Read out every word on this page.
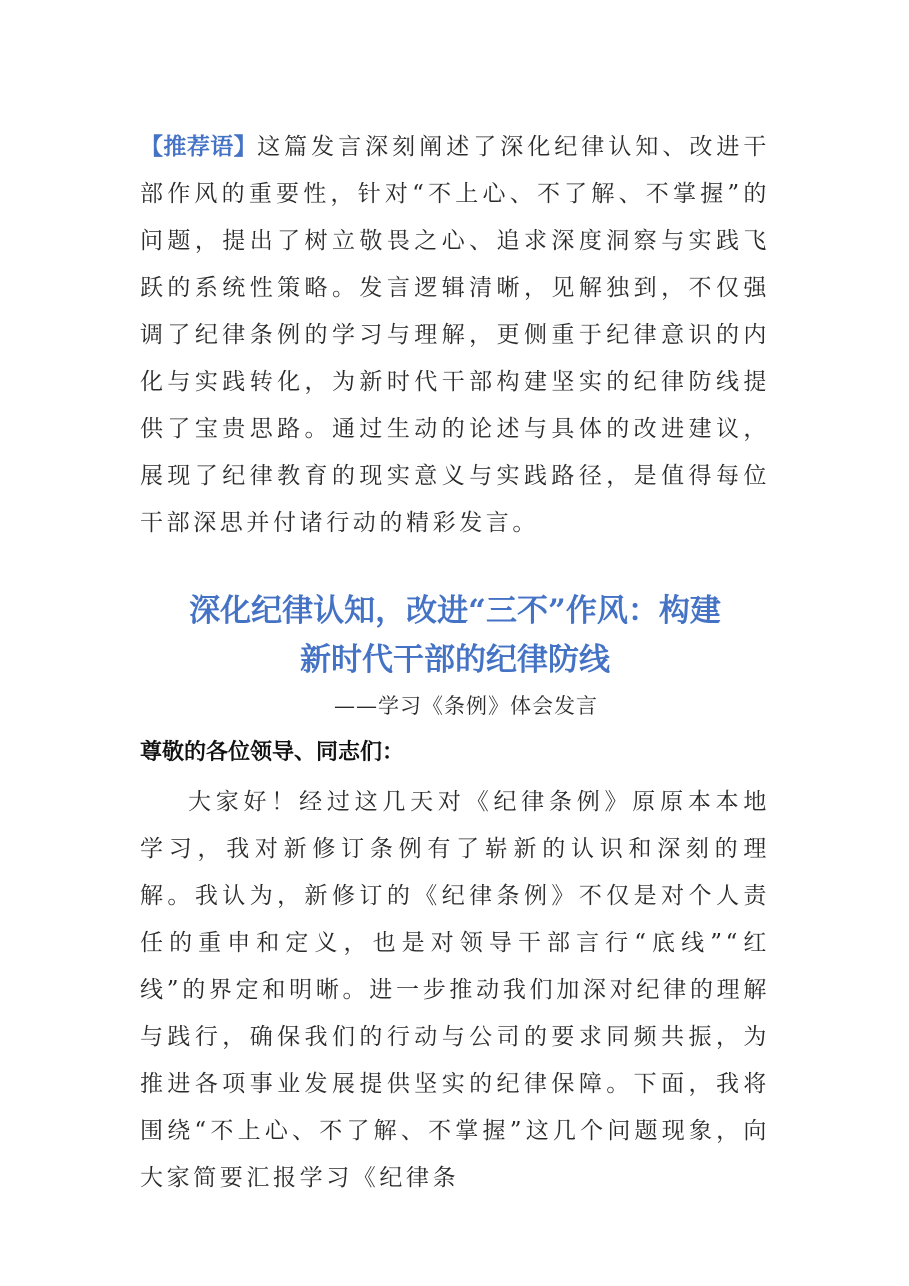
【推荐语】这篇发言深刻阐述了深化纪律认知、改进干部作风的重要性，针对“不上心、不了解、不掌握”的问题，提出了树立敬畏之心、追求深度洞察与实践飞跃的系统性策略。发言逻辑清晰，见解独到，不仅强调了纪律条例的学习与理解，更侧重于纪律意识的内化与实践转化，为新时代干部构建坚实的纪律防线提供了宝贵思路。通过生动的论述与具体的改进建议，展现了纪律教育的现实意义与实践路径，是值得每位干部深思并付诸行动的精彩发言。

深化纪律认知，改进“三不”作风：构建
新时代干部的纪律防线
——学习《条例》体会发言
尊敬的各位领导、同志们：

大家好！经过这几天对《纪律条例》原原本本地学习，我对新修订条例有了崭新的认识和深刻的理解。我认为，新修订的《纪律条例》不仅是对个人责任的重申和定义，也是对领导干部言行“底线”“红线”的界定和明晰。进一步推动我们加深对纪律的理解与践行，确保我们的行动与公司的要求同频共振，为推进各项事业发展提供坚实的纪律保障。下面，我将围绕“不上心、不了解、不掌握”这几个问题现象，向大家简要汇报学习《纪律条
